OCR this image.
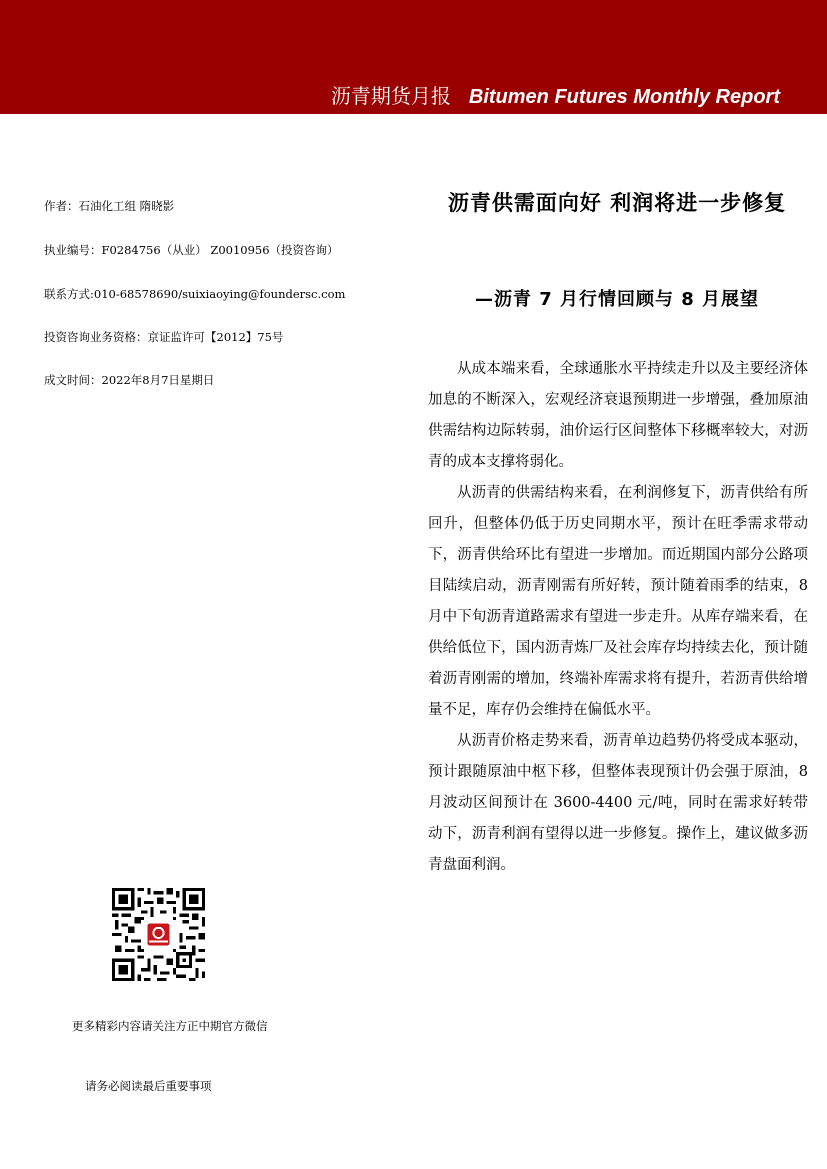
沥青期货月报 Bitumen Futures Monthly Report
作者：石油化工组 隋晓影
执业编号：F0284756（从业） Z0010956（投资咨询）
联系方式:010-68578690/suixiaoying@foundersc.com
投资咨询业务资格：京证监许可【2012】75号
成文时间：2022年8月7日星期日
沥青供需面向好 利润将进一步修复
—沥青 7 月行情回顾与 8 月展望

从成本端来看，全球通胀水平持续走升以及主要经济体加息的不断深入，宏观经济衰退预期进一步增强，叠加原油供需结构边际转弱，油价运行区间整体下移概率较大，对沥青的成本支撑将弱化。

从沥青的供需结构来看，在利润修复下，沥青供给有所回升，但整体仍低于历史同期水平，预计在旺季需求带动下，沥青供给环比有望进一步增加。而近期国内部分公路项目陆续启动，沥青刚需有所好转，预计随着雨季的结束，8 月中下旬沥青道路需求有望进一步走升。从库存端来看，在供给低位下，国内沥青炼厂及社会库存均持续去化，预计随着沥青刚需的增加，终端补库需求将有提升，若沥青供给增量不足，库存仍会维持在偏低水平。

从沥青价格走势来看，沥青单边趋势仍将受成本驱动，预计跟随原油中枢下移，但整体表现预计仍会强于原油，8 月波动区间预计在 3600-4400 元/吨，同时在需求好转带动下，沥青利润有望得以进一步修复。操作上，建议做多沥青盘面利润。

更多精彩内容请关注方正中期官方微信
请务必阅读最后重要事项
